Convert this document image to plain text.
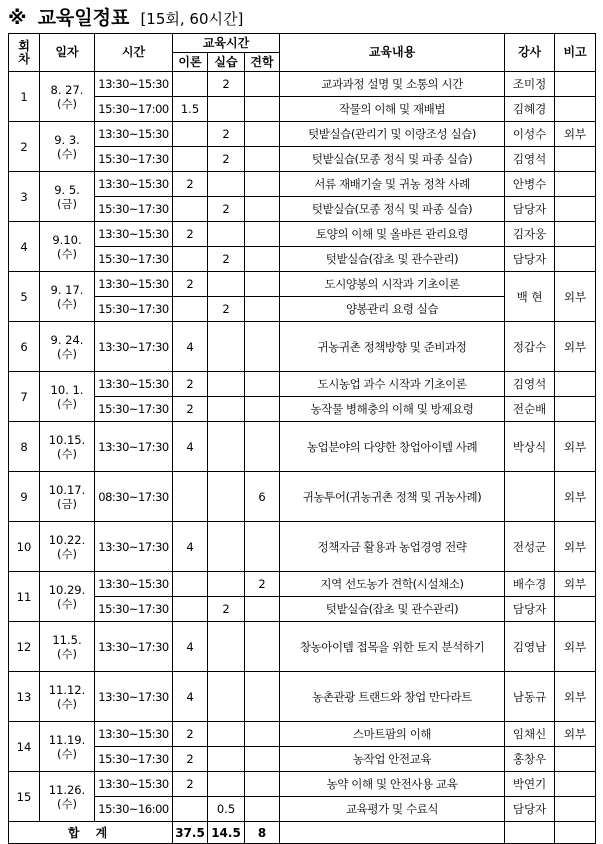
※ 교육일정표 [15회, 60시간]
회
차	일자	시간	교육시간			교육내용	강사	비고
			이론	실습	견학			
1	8. 27.
(수)	13:30~15:30		2		교과과정 설명 및 소통의 시간	조미정	
		15:30~17:00	1.5			작물의 이해 및 재배법	김혜경	
2	9. 3.
(수)	13:30~15:30		2		텃밭실습(관리기 및 이랑조성 실습)	이성수	외부
		15:30~17:30		2		텃밭실습(모종 정식 및 파종 실습)	김영석	
3	9. 5.
(금)	13:30~15:30	2			서류 재배기술 및 귀농 정착 사례	안병수	
		15:30~17:30		2		텃밭실습(모종 정식 및 파종 실습)	담당자	
4	9.10.
(수)	13:30~15:30	2			토양의 이해 및 올바른 관리요령	김자웅	
		15:30~17:30		2		텃밭실습(잡초 및 관수관리)	담당자	
5	9. 17.
(수)	13:30~15:30	2			도시양봉의 시작과 기초이론	백 현	외부
		15:30~17:30		2		양봉관리 요령 실습		
6	9. 24.
(수)	13:30~17:30	4			귀농귀촌 정책방향 및 준비과정	정갑수	외부
7	10. 1.
(수)	13:30~15:30	2			도시농업 과수 시작과 기초이론	김영석	
		15:30~17:30	2			농작물 병해충의 이해 및 방제요령	전순배	
8	10.15.
(수)	13:30~17:30	4			농업분야의 다양한 창업아이템 사례	박상식	외부
9	10.17.
(금)	08:30~17:30			6	귀농투어(귀농귀촌 정책 및 귀농사례)		외부
10	10.22.
(수)	13:30~17:30	4			정책자금 활용과 농업경영 전략	전성군	외부
11	10.29.
(수)	13:30~15:30			2	지역 선도농가 견학(시설채소)	배수경	외부
		15:30~17:30		2		텃밭실습(잡초 및 관수관리)	담당자	
12	11.5.
(수)	13:30~17:30	4			창농아이템 접목을 위한 토지 분석하기	김영남	외부
13	11.12.
(수)	13:30~17:30	4			농촌관광 트랜드와 창업 만다라트	남동규	외부
14	11.19.
(수)	13:30~15:30	2			스마트팜의 이해	임채신	외부
		15:30~17:30	2			농작업 안전교육	홍창우	
15	11.26.
(수)	13:30~15:30	2			농약 이해 및 안전사용 교육	박연기	
		15:30~16:00		0.5		교육평가 및 수료식	담당자	
합 계			37.5	14.5	8			
